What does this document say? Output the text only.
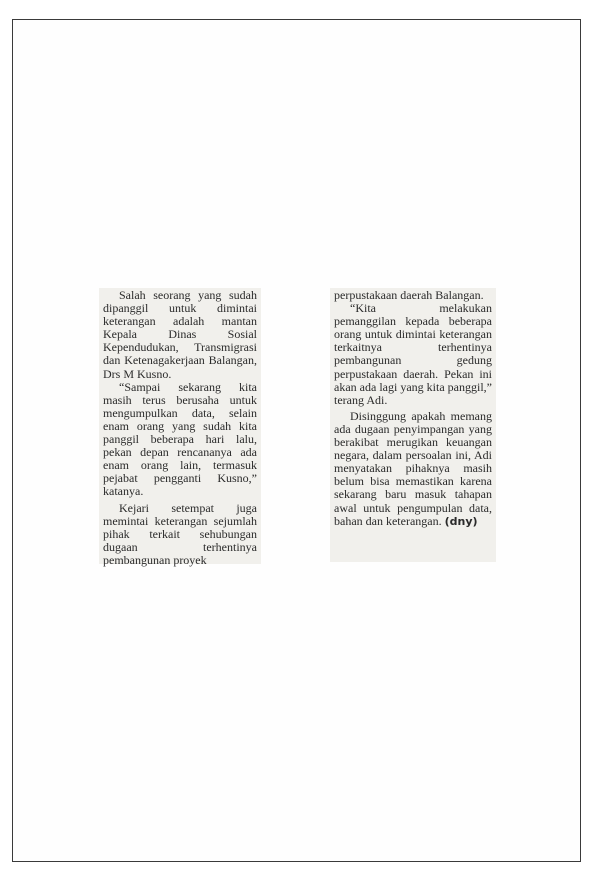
Salah seorang yang sudah dipanggil untuk dimintai keterangan adalah mantan Kepala Dinas Sosial Kependudukan, Transmigrasi dan Ketenagakerjaan Balangan, Drs M Kusno.

“Sampai sekarang kita masih terus berusaha untuk mengumpulkan data, selain enam orang yang sudah kita panggil beberapa hari lalu, pekan depan rencananya ada enam orang lain, termasuk pejabat pengganti Kusno,” katanya.

Kejari setempat juga memintai keterangan sejumlah pihak terkait sehubungan dugaan terhentinya pembangunan proyek

perpustakaan daerah Balangan.

“Kita melakukan pemanggilan kepada beberapa orang untuk dimintai keterangan terkaitnya terhentinya pembangunan gedung perpustakaan daerah. Pekan ini akan ada lagi yang kita panggil,” terang Adi.

Disinggung apakah memang ada dugaan penyimpangan yang berakibat merugikan keuangan negara, dalam persoalan ini, Adi menyatakan pihaknya masih belum bisa memastikan karena sekarang baru masuk tahapan awal untuk pengumpulan data, bahan dan keterangan. (dny)
